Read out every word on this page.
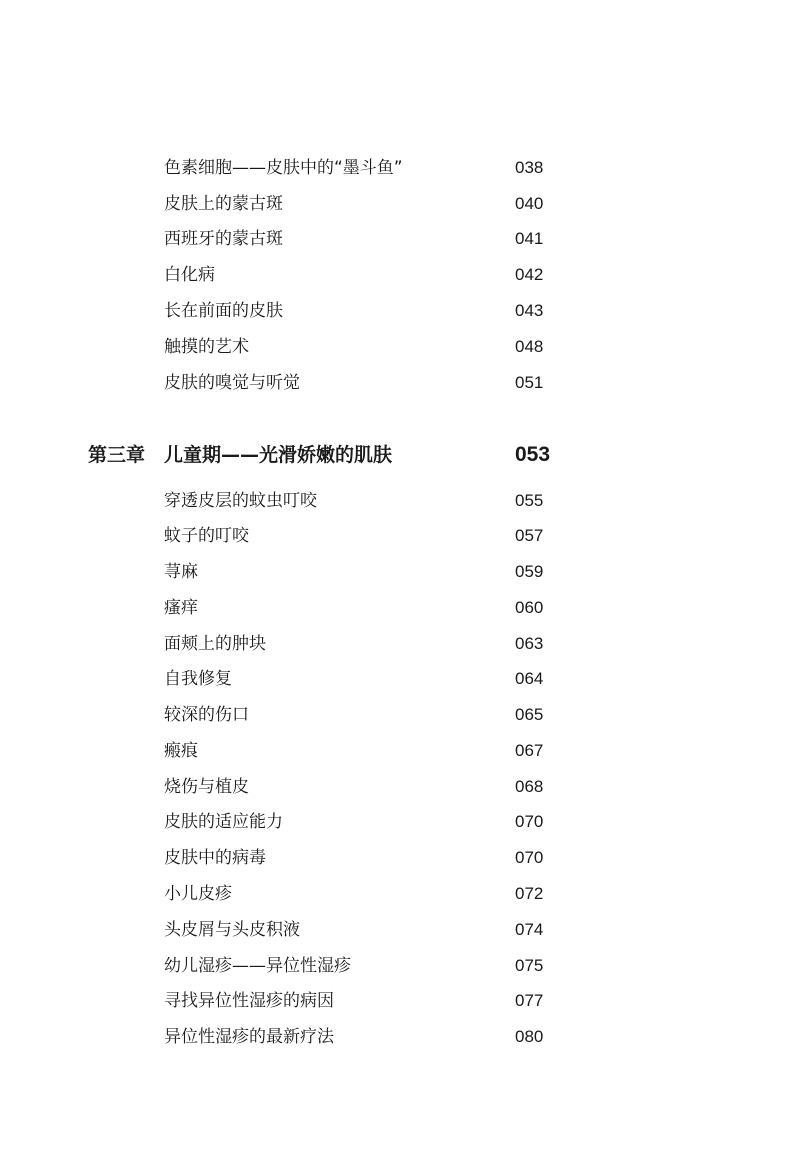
色素细胞——皮肤中的“墨斗鱼”	038
皮肤上的蒙古斑	040
西班牙的蒙古斑	041
白化病	042
长在前面的皮肤	043
触摸的艺术	048
皮肤的嗅觉与听觉	051
第三章 儿童期——光滑娇嫩的肌肤	053
穿透皮层的蚊虫叮咬	055
蚊子的叮咬	057
荨麻	059
瘙痒	060
面颊上的肿块	063
自我修复	064
较深的伤口	065
瘢痕	067
烧伤与植皮	068
皮肤的适应能力	070
皮肤中的病毒	070
小儿皮疹	072
头皮屑与头皮积液	074
幼儿湿疹——异位性湿疹	075
寻找异位性湿疹的病因	077
异位性湿疹的最新疗法	080
